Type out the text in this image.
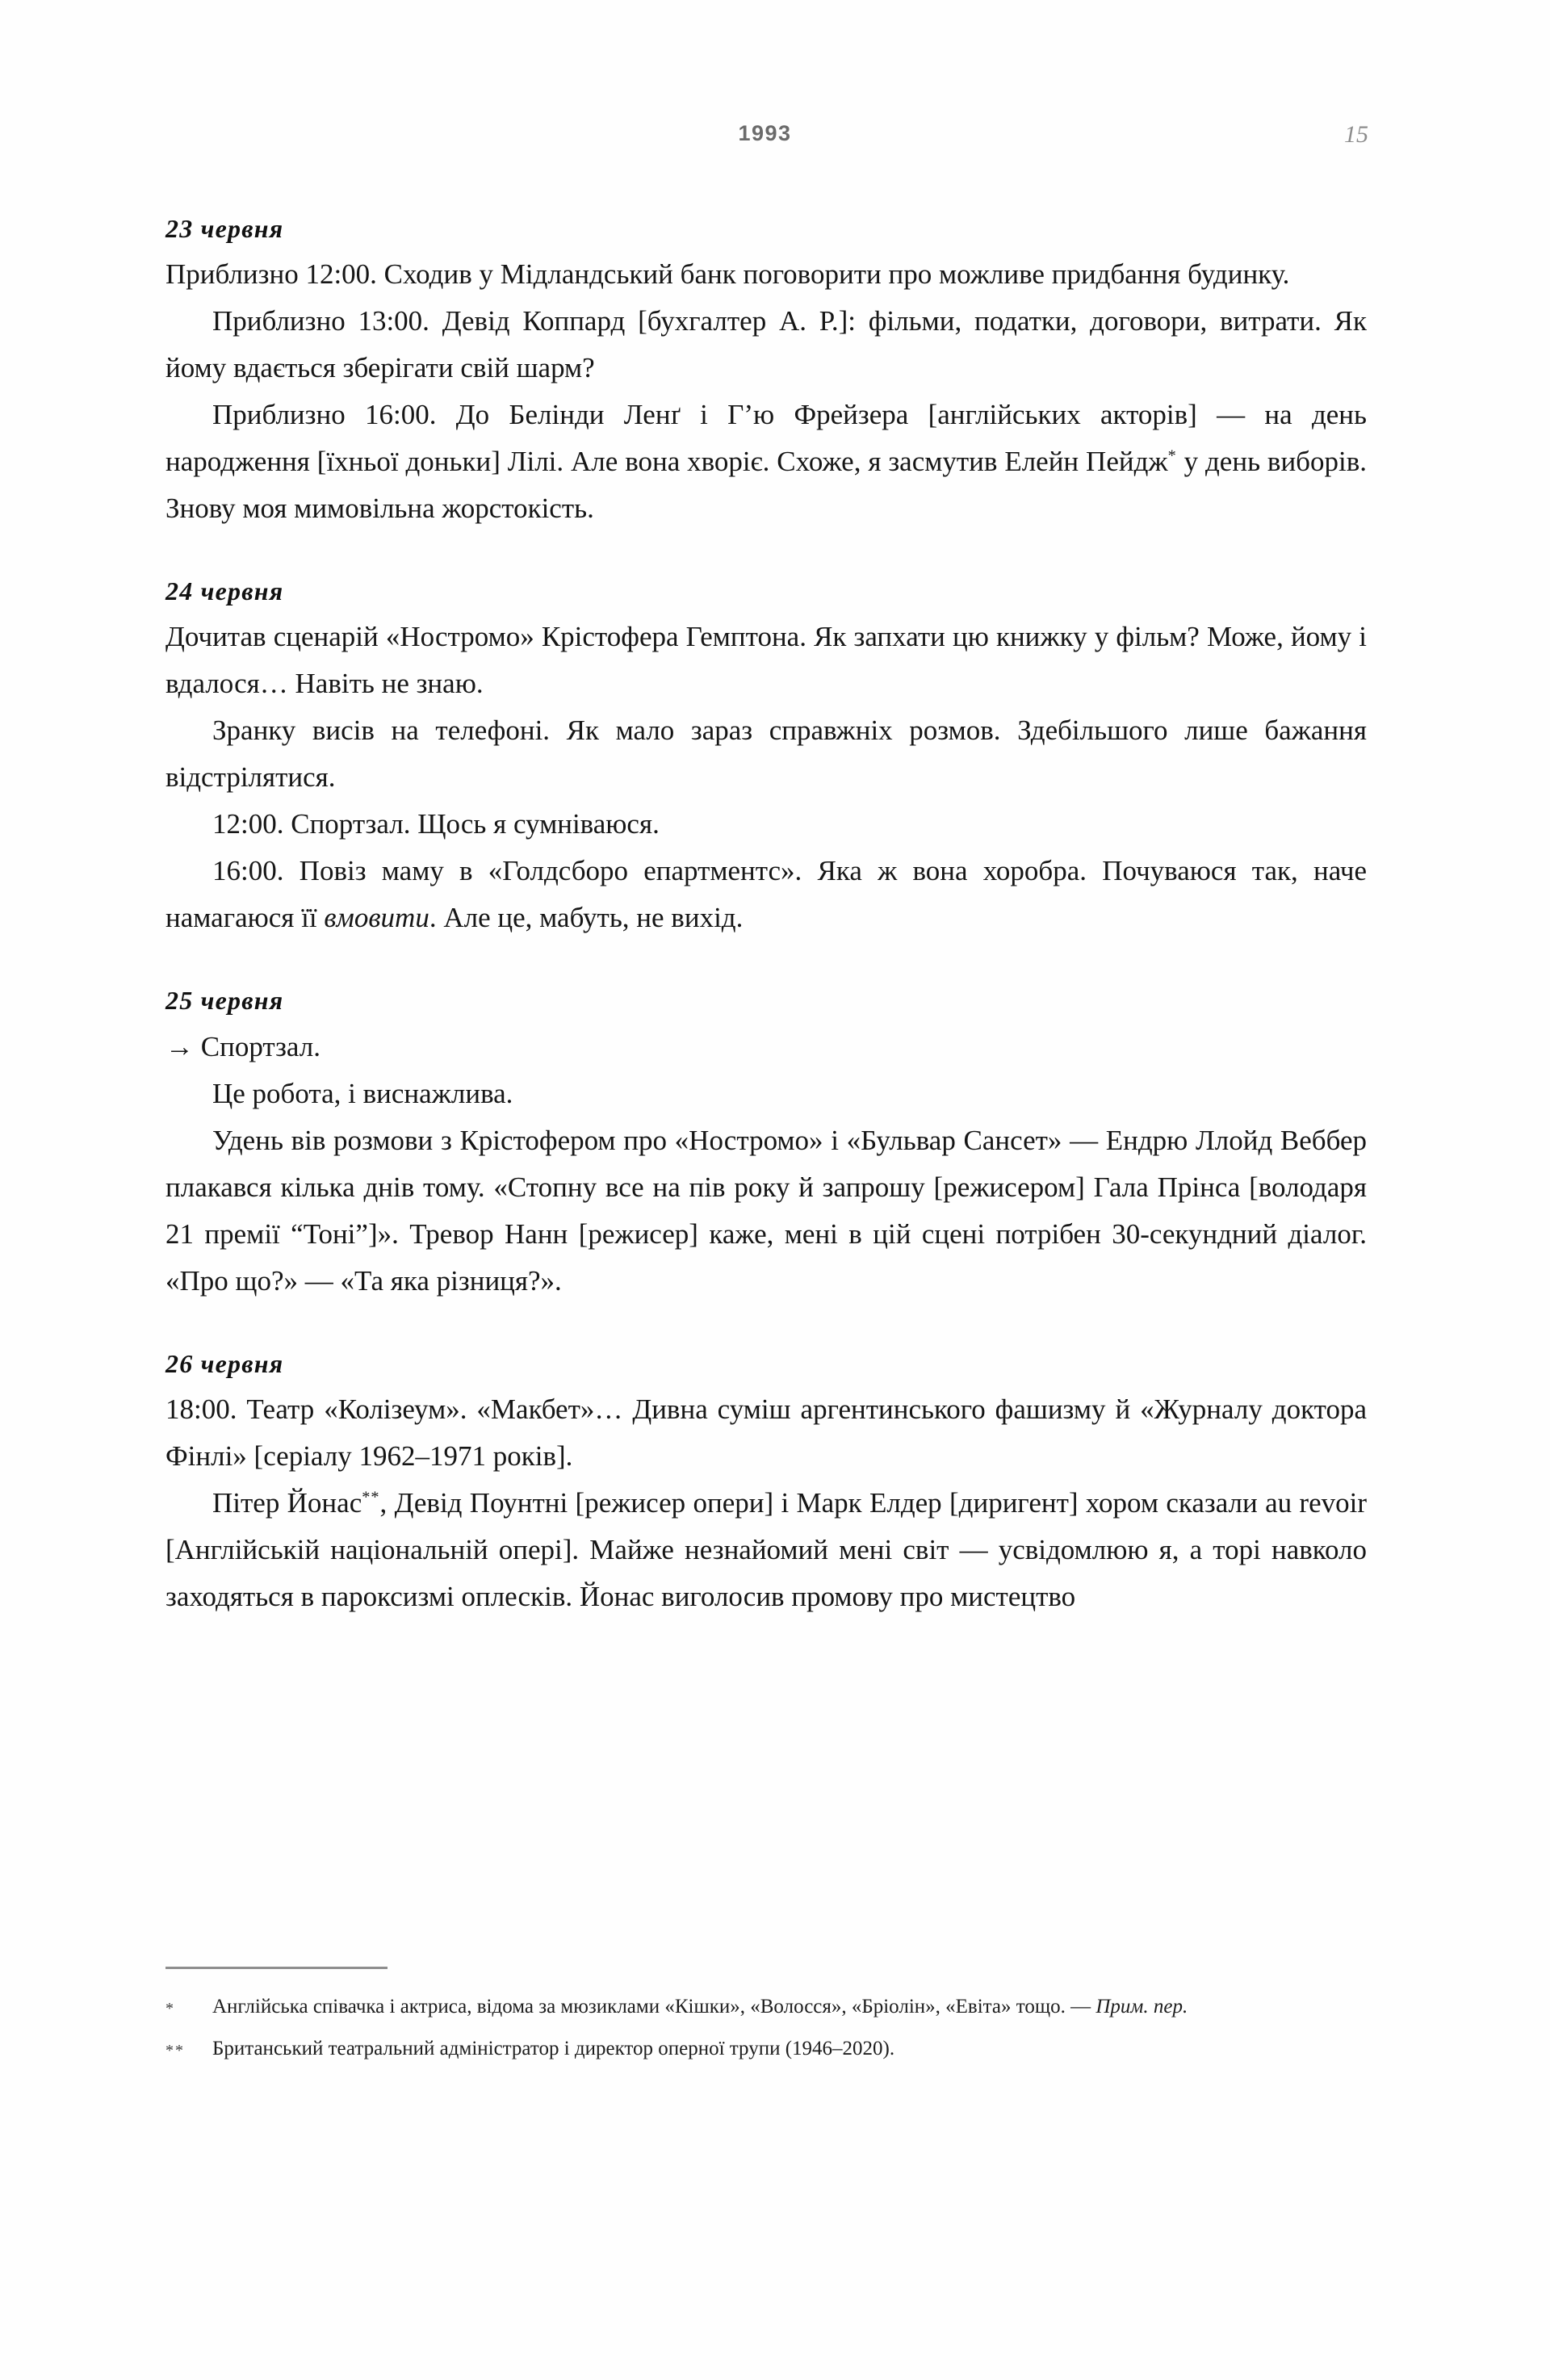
1993	15
23 червня

Приблизно 12:00. Сходив у Мідландський банк поговорити про можливе придбання будинку.

Приблизно 13:00. Девід Коппард [бухгалтер А. Р.]: фільми, податки, договори, витрати. Як йому вдається зберігати свій шарм?

Приблизно 16:00. До Белінди Ленґ і Г’ю Фрейзера [англійських акторів] — на день народження [їхньої доньки] Лілі. Але вона хворіє. Схоже, я засмутив Елейн Пейдж* у день виборів. Знову моя мимовільна жорстокість.

24 червня

Дочитав сценарій «Ностромо» Крістофера Гемптона. Як запхати цю книжку у фільм? Може, йому і вдалося… Навіть не знаю.

Зранку висів на телефоні. Як мало зараз справжніх розмов. Здебільшого лише бажання відстрілятися.

12:00. Спортзал. Щось я сумніваюся.

16:00. Повіз маму в «Голдсборо епартментс». Яка ж вона хоробра. Почуваюся так, наче намагаюся її вмовити. Але це, мабуть, не вихід.

25 червня

→ Спортзал.

Це робота, і виснажлива.

Удень вів розмови з Крістофером про «Ностромо» і «Бульвар Сансет» — Ендрю Ллойд Веббер плакався кілька днів тому. «Стопну все на пів року й запрошу [режисером] Гала Прінса [володаря 21 премії “Тоні”]». Тревор Нанн [режисер] каже, мені в цій сцені потрібен 30-секундний діалог. «Про що?» — «Та яка різниця?».

26 червня

18:00. Театр «Колізеум». «Макбет»… Дивна суміш аргентинського фашизму й «Журналу доктора Фінлі» [серіалу 1962–1971 років].

Пітер Йонас**, Девід Поунтні [режисер опери] і Марк Елдер [диригент] хором сказали au revoir [Англійській національній опері]. Майже незнайомий мені світ — усвідомлюю я, а торі навколо заходяться в пароксизмі оплесків. Йонас виголосив промову про мистецтво

*	Англійська співачка і актриса, відома за мюзиклами «Кішки», «Волосся», «Бріолін», «Евіта» тощо. — Прим. пер.
**	Британський театральний адміністратор і директор оперної трупи (1946–2020).
